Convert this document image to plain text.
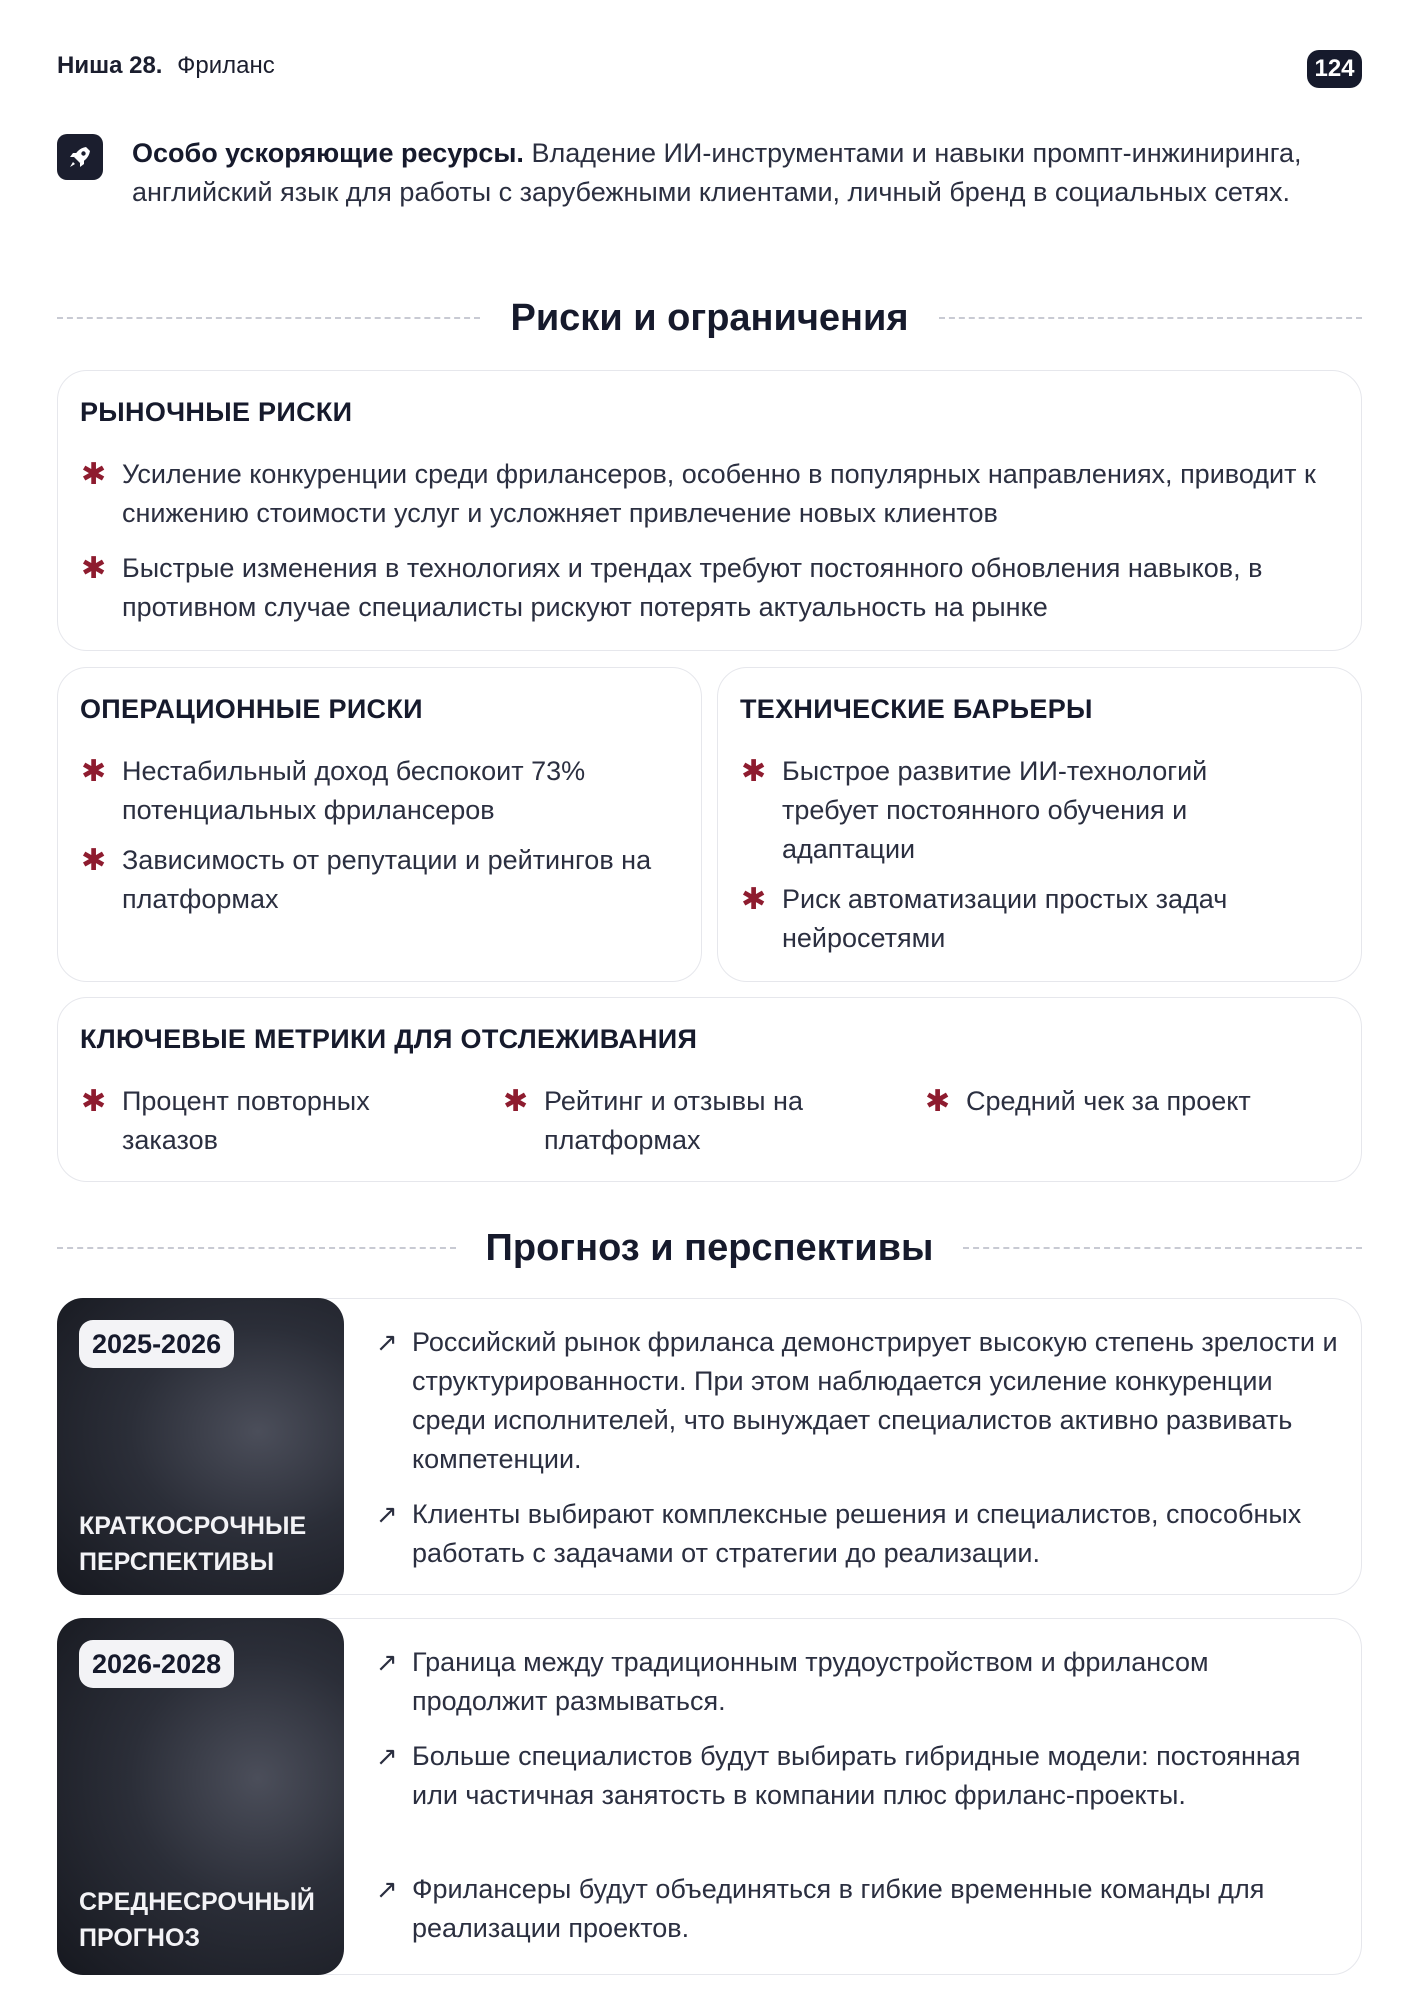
Ниша 28. Фриланс	124
Особо ускоряющие ресурсы. Владение ИИ-инструментами и навыки промпт-инжиниринга, английский язык для работы с зарубежными клиентами, личный бренд в социальных сетях.
Риски и ограничения
РЫНОЧНЫЕ РИСКИ
✱ Усиление конкуренции среди фрилансеров, особенно в популярных направлениях, приводит к снижению стоимости услуг и усложняет привлечение новых клиентов
✱ Быстрые изменения в технологиях и трендах требуют постоянного обновления навыков, в противном случае специалисты рискуют потерять актуальность на рынке
ОПЕРАЦИОННЫЕ РИСКИ
✱ Нестабильный доход беспокоит 73% потенциальных фрилансеров
✱ Зависимость от репутации и рейтингов на платформах
ТЕХНИЧЕСКИЕ БАРЬЕРЫ
✱ Быстрое развитие ИИ-технологий требует постоянного обучения и адаптации
✱ Риск автоматизации простых задач нейросетями
КЛЮЧЕВЫЕ МЕТРИКИ ДЛЯ ОТСЛЕЖИВАНИЯ
✱ Процент повторных заказов
✱ Рейтинг и отзывы на платформах
✱ Средний чек за проект
Прогноз и перспективы
↗ Российский рынок фриланса демонстрирует высокую степень зрелости и структурированности. При этом наблюдается усиление конкуренции среди исполнителей, что вынуждает специалистов активно развивать компетенции.
↗ Клиенты выбирают комплексные решения и специалистов, способных работать с задачами от стратегии до реализации.
2025-2026
КРАТКОСРОЧНЫЕ ПЕРСПЕКТИВЫ
↗ Граница между традиционным трудоустройством и фрилансом продолжит размываться.
↗ Больше специалистов будут выбирать гибридные модели: постоянная или частичная занятость в компании плюс фриланс-проекты.
↗ Фрилансеры будут объединяться в гибкие временные команды для реализации проектов.
2026-2028
СРЕДНЕСРОЧНЫЙ ПРОГНОЗ
